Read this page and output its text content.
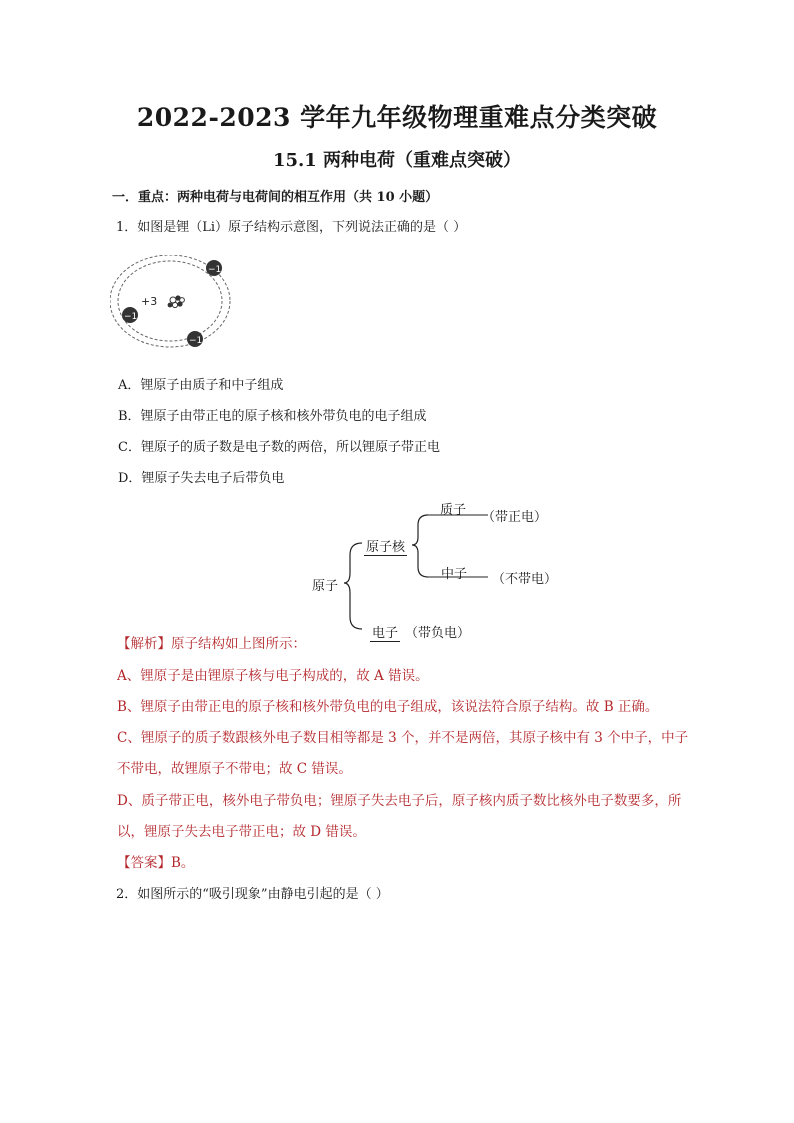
2022-2023 学年九年级物理重难点分类突破
15.1 两种电荷（重难点突破）
一．重点：两种电荷与电荷间的相互作用（共 10 小题）
1．如图是锂（Li）原子结构示意图，下列说法正确的是（ ）
+3
−1
−1
−1
A．锂原子由质子和中子组成
B．锂原子由带正电的原子核和核外带负电的电子组成
C．锂原子的质子数是电子数的两倍，所以锂原子带正电
D．锂原子失去电子后带负电
原子
原子核
质子 （带正电）
中子 （不带电）
电子 （带负电）
【解析】原子结构如上图所示：
A、锂原子是由锂原子核与电子构成的，故 A 错误。
B、锂原子由带正电的原子核和核外带负电的电子组成，该说法符合原子结构。故 B 正确。
C、锂原子的质子数跟核外电子数目相等都是 3 个，并不是两倍，其原子核中有 3 个中子，中子
不带电，故锂原子不带电；故 C 错误。
D、质子带正电，核外电子带负电；锂原子失去电子后，原子核内质子数比核外电子数要多，所
以，锂原子失去电子带正电；故 D 错误。
【答案】B。
2．如图所示的“吸引现象”由静电引起的是（ ）
